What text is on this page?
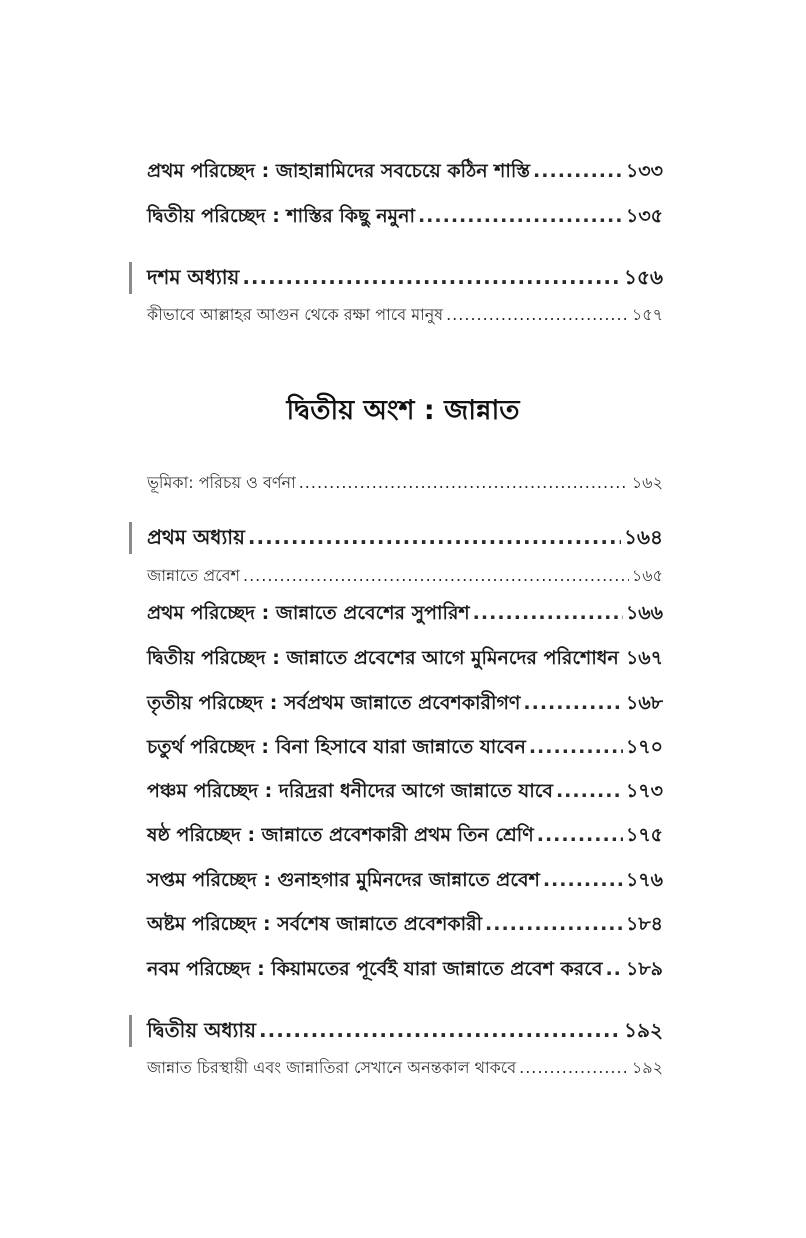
প্রথম পরিচ্ছেদ : জাহান্নামিদের সবচেয়ে কঠিন শাস্তি .....	১৩৩
দ্বিতীয় পরিচ্ছেদ : শাস্তির কিছু নমুনা .....	১৩৫
দশম অধ্যায় .....	১৫৬
কীভাবে আল্লাহর আগুন থেকে রক্ষা পাবে মানুষ .....	১৫৭
দ্বিতীয় অংশ : জান্নাত
ভূমিকা: পরিচয় ও বর্ণনা .....	১৬২
প্রথম অধ্যায় .....	১৬৪
জান্নাতে প্রবেশ .....	১৬৫
প্রথম পরিচ্ছেদ : জান্নাতে প্রবেশের সুপারিশ .....	১৬৬
দ্বিতীয় পরিচ্ছেদ : জান্নাতে প্রবেশের আগে মুমিনদের পরিশোধন ..... ১৬৭
তৃতীয় পরিচ্ছেদ : সর্বপ্রথম জান্নাতে প্রবেশকারীগণ .....	১৬৮
চতুর্থ পরিচ্ছেদ : বিনা হিসাবে যারা জান্নাতে যাবেন .....	১৭০
পঞ্চম পরিচ্ছেদ : দরিদ্ররা ধনীদের আগে জান্নাতে যাবে .....	১৭৩
ষষ্ঠ পরিচ্ছেদ : জান্নাতে প্রবেশকারী প্রথম তিন শ্রেণি .....	১৭৫
সপ্তম পরিচ্ছেদ : গুনাহগার মুমিনদের জান্নাতে প্রবেশ .....	১৭৬
অষ্টম পরিচ্ছেদ : সর্বশেষ জান্নাতে প্রবেশকারী .....	১৮৪
নবম পরিচ্ছেদ : কিয়ামতের পূর্বেই যারা জান্নাতে প্রবেশ করবে ..... ১৮৯
দ্বিতীয় অধ্যায় .....	১৯২
জান্নাত চিরস্থায়ী এবং জান্নাতিরা সেখানে অনন্তকাল থাকবে .....	১৯২
